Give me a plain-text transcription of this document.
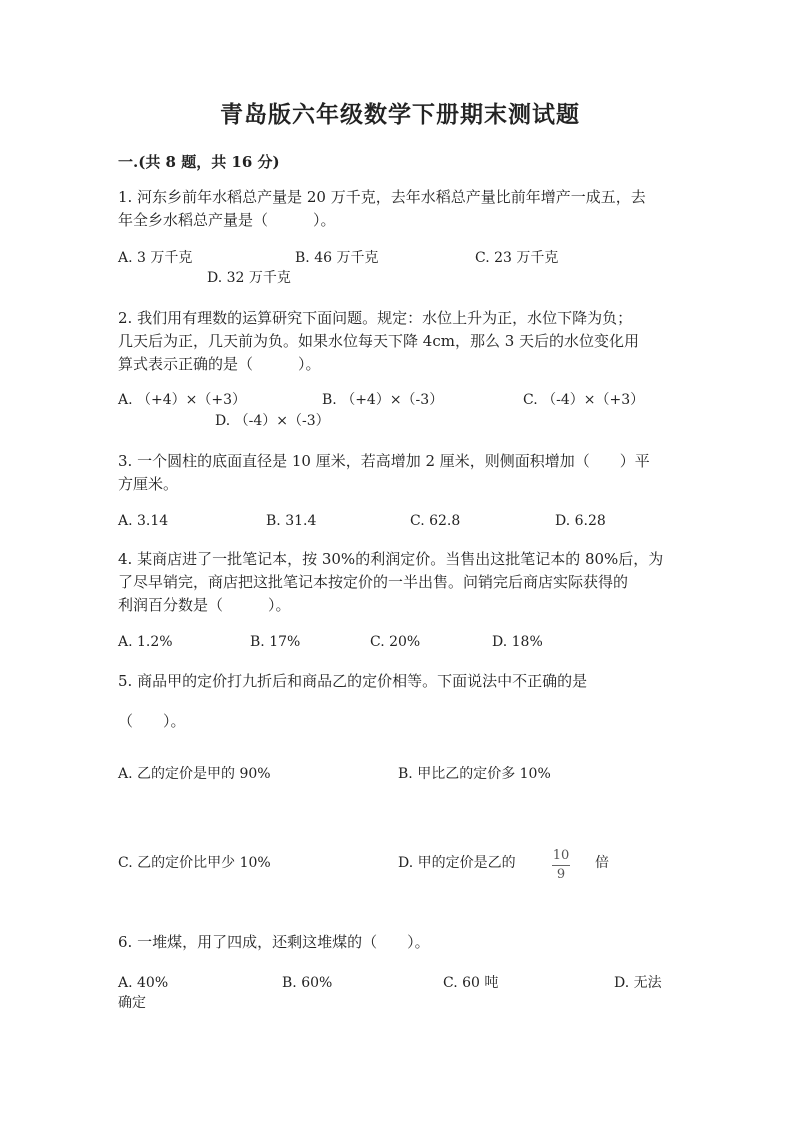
青岛版六年级数学下册期末测试题
一.(共 8 题，共 16 分)
1. 河东乡前年水稻总产量是 20 万千克，去年水稻总产量比前年增产一成五，去
年全乡水稻总产量是（　　　）。
A. 3 万千克	B. 46 万千克	C. 23 万千克
D. 32 万千克
2. 我们用有理数的运算研究下面问题。规定：水位上升为正，水位下降为负；
几天后为正，几天前为负。如果水位每天下降 4cm，那么 3 天后的水位变化用
算式表示正确的是（　　　）。
A. （+4）×（+3）	B. （+4）×（-3）	C. （-4）×（+3）
D. （-4）×（-3）
3. 一个圆柱的底面直径是 10 厘米，若高增加 2 厘米，则侧面积增加（　　）平
方厘米。
A. 3.14	B. 31.4	C. 62.8	D. 6.28
4. 某商店进了一批笔记本，按 30%的利润定价。当售出这批笔记本的 80%后，为
了尽早销完，商店把这批笔记本按定价的一半出售。问销完后商店实际获得的
利润百分数是（　　　）。
A. 1.2%	B. 17%	C. 20%	D. 18%
5. 商品甲的定价打九折后和商品乙的定价相等。下面说法中不正确的是
（　　）。
A. 乙的定价是甲的 90%	B. 甲比乙的定价多 10%
C. 乙的定价比甲少 10%	D. 甲的定价是乙的	10
9
倍
6. 一堆煤，用了四成，还剩这堆煤的（　　）。
A. 40%	B. 60%	C. 60 吨	D. 无法
确定
